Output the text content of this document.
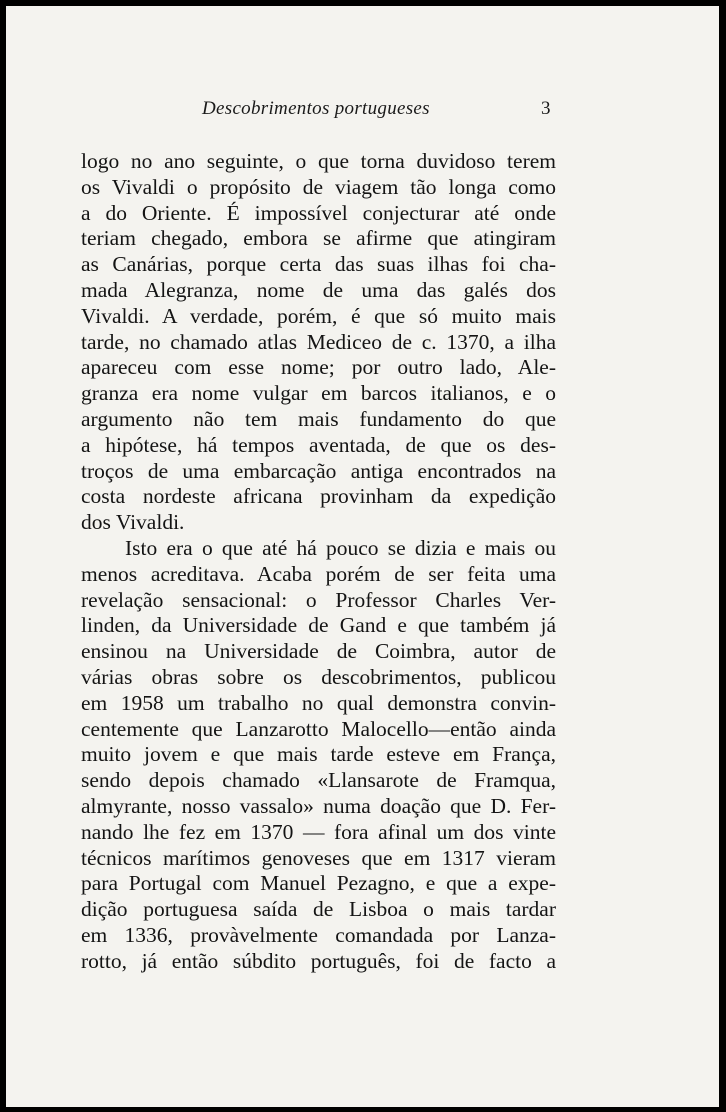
Descobrimentos portugueses	3
logo no ano seguinte, o que torna duvidoso terem
os Vivaldi o propósito de viagem tão longa como
a do Oriente. É impossível conjecturar até onde
teriam chegado, embora se afirme que atingiram
as Canárias, porque certa das suas ilhas foi cha-
mada Alegranza, nome de uma das galés dos
Vivaldi. A verdade, porém, é que só muito mais
tarde, no chamado atlas Mediceo de c. 1370, a ilha
apareceu com esse nome; por outro lado, Ale-
granza era nome vulgar em barcos italianos, e o
argumento não tem mais fundamento do que
a hipótese, há tempos aventada, de que os des-
troços de uma embarcação antiga encontrados na
costa nordeste africana provinham da expedição
dos Vivaldi.
Isto era o que até há pouco se dizia e mais ou
menos acreditava. Acaba porém de ser feita uma
revelação sensacional: o Professor Charles Ver-
linden, da Universidade de Gand e que também já
ensinou na Universidade de Coimbra, autor de
várias obras sobre os descobrimentos, publicou
em 1958 um trabalho no qual demonstra convin-
centemente que Lanzarotto Malocello—então ainda
muito jovem e que mais tarde esteve em França,
sendo depois chamado «Llansarote de Framqua,
almyrante, nosso vassalo» numa doação que D. Fer-
nando lhe fez em 1370 — fora afinal um dos vinte
técnicos marítimos genoveses que em 1317 vieram
para Portugal com Manuel Pezagno, e que a expe-
dição portuguesa saída de Lisboa o mais tardar
em 1336, provàvelmente comandada por Lanza-
rotto, já então súbdito português, foi de facto a
